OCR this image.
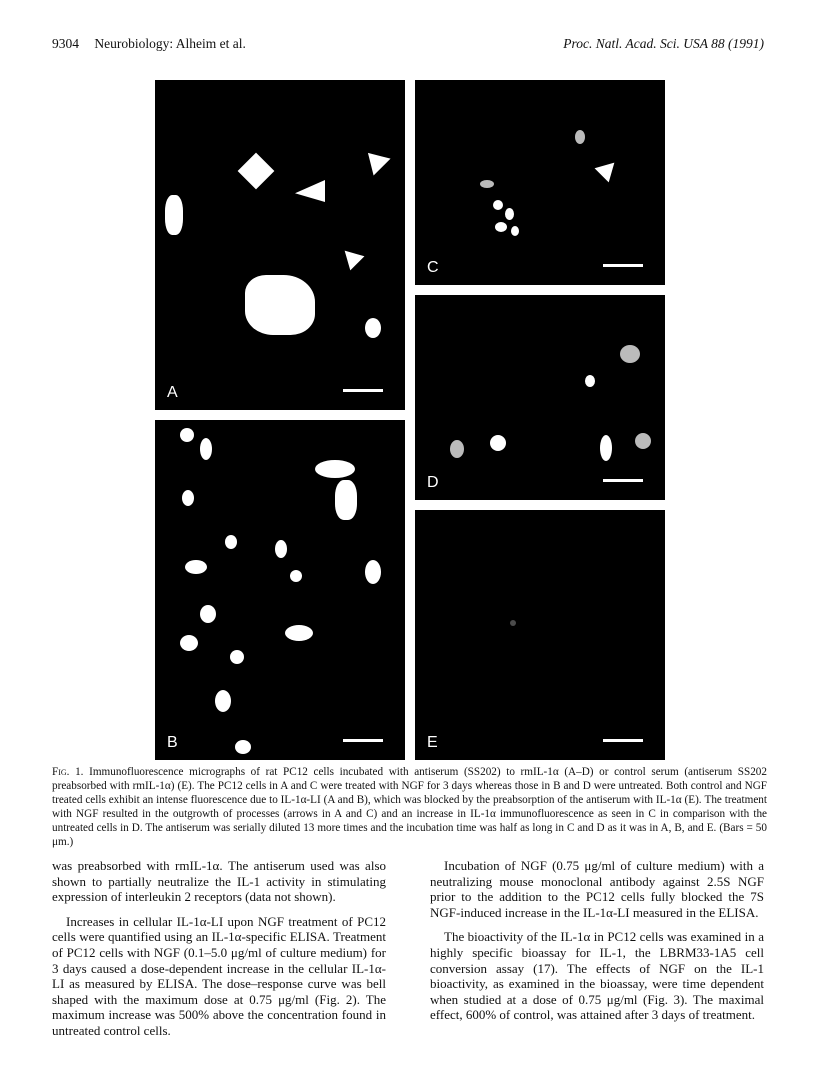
9304 Neurobiology: Alheim et al.	Proc. Natl. Acad. Sci. USA 88 (1991)
A
B
C
D
E
Fig. 1. Immunofluorescence micrographs of rat PC12 cells incubated with antiserum (SS202) to rmIL-1α (A–D) or control serum (antiserum SS202 preabsorbed with rmIL-1α) (E). The PC12 cells in A and C were treated with NGF for 3 days whereas those in B and D were untreated. Both control and NGF treated cells exhibit an intense fluorescence due to IL-1α-LI (A and B), which was blocked by the preabsorption of the antiserum with IL-1α (E). The treatment with NGF resulted in the outgrowth of processes (arrows in A and C) and an increase in IL-1α immunofluorescence as seen in C in comparison with the untreated cells in D. The antiserum was serially diluted 13 more times and the incubation time was half as long in C and D as it was in A, B, and E. (Bars = 50 μm.)

was preabsorbed with rmIL-1α. The antiserum used was also shown to partially neutralize the IL-1 activity in stimulating expression of interleukin 2 receptors (data not shown).

Increases in cellular IL-1α-LI upon NGF treatment of PC12 cells were quantified using an IL-1α-specific ELISA. Treatment of PC12 cells with NGF (0.1–5.0 μg/ml of culture medium) for 3 days caused a dose-dependent increase in the cellular IL-1α-LI as measured by ELISA. The dose–response curve was bell shaped with the maximum dose at 0.75 μg/ml (Fig. 2). The maximum increase was 500% above the concentration found in untreated control cells.

Incubation of NGF (0.75 μg/ml of culture medium) with a neutralizing mouse monoclonal antibody against 2.5S NGF prior to the addition to the PC12 cells fully blocked the 7S NGF-induced increase in the IL-1α-LI measured in the ELISA.

The bioactivity of the IL-1α in PC12 cells was examined in a highly specific bioassay for IL-1, the LBRM33-1A5 cell conversion assay (17). The effects of NGF on the IL-1 bioactivity, as examined in the bioassay, were time dependent when studied at a dose of 0.75 μg/ml (Fig. 3). The maximal effect, 600% of control, was attained after 3 days of treatment.
